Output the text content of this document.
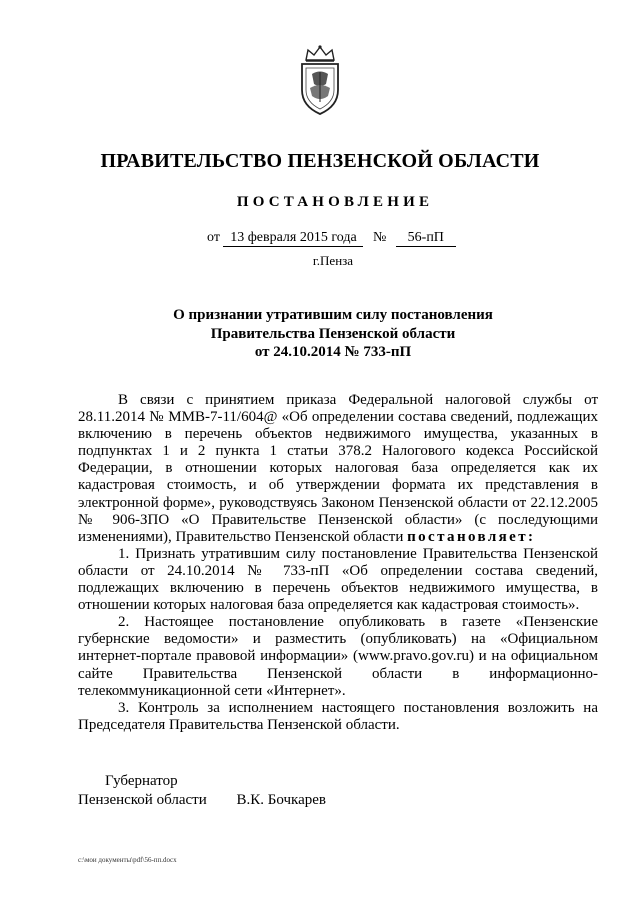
ПРАВИТЕЛЬСТВО ПЕНЗЕНСКОЙ ОБЛАСТИ
ПОСТАНОВЛЕНИЕ
от 13 февраля 2015 года № 56-пП
г.Пенза
О признании утратившим силу постановления
Правительства Пензенской области
от 24.10.2014 № 733-пП

В связи с принятием приказа Федеральной налоговой службы от 28.11.2014 № ММВ-7-11/604@ «Об определении состава сведений, подлежащих включению в перечень объектов недвижимого имущества, указанных в подпунктах 1 и 2 пункта 1 статьи 378.2 Налогового кодекса Российской Федерации, в отношении которых налоговая база определяется как их кадастровая стоимость, и об утверждении формата их представления в электронной форме», руководствуясь Законом Пензенской области от 22.12.2005 № 906-ЗПО «О Правительстве Пензенской области» (с последующими изменениями), Правительство Пензенской области постановляет:

1. Признать утратившим силу постановление Правительства Пензенской области от 24.10.2014 № 733-пП «Об определении состава сведений, подлежащих включению в перечень объектов недвижимого имущества, в отношении которых налоговая база определяется как кадастровая стоимость».

2. Настоящее постановление опубликовать в газете «Пензенские губернские ведомости» и разместить (опубликовать) на «Официальном интернет-портале правовой информации» (www.pravo.gov.ru) и на официальном сайте Правительства Пензенской области в информационно-телекоммуникационной сети «Интернет».

3. Контроль за исполнением настоящего постановления возложить на Председателя Правительства Пензенской области.

Губернатор
Пензенской области В.К. Бочкарев
c:\мои документы\pdf\56-пп.docx
